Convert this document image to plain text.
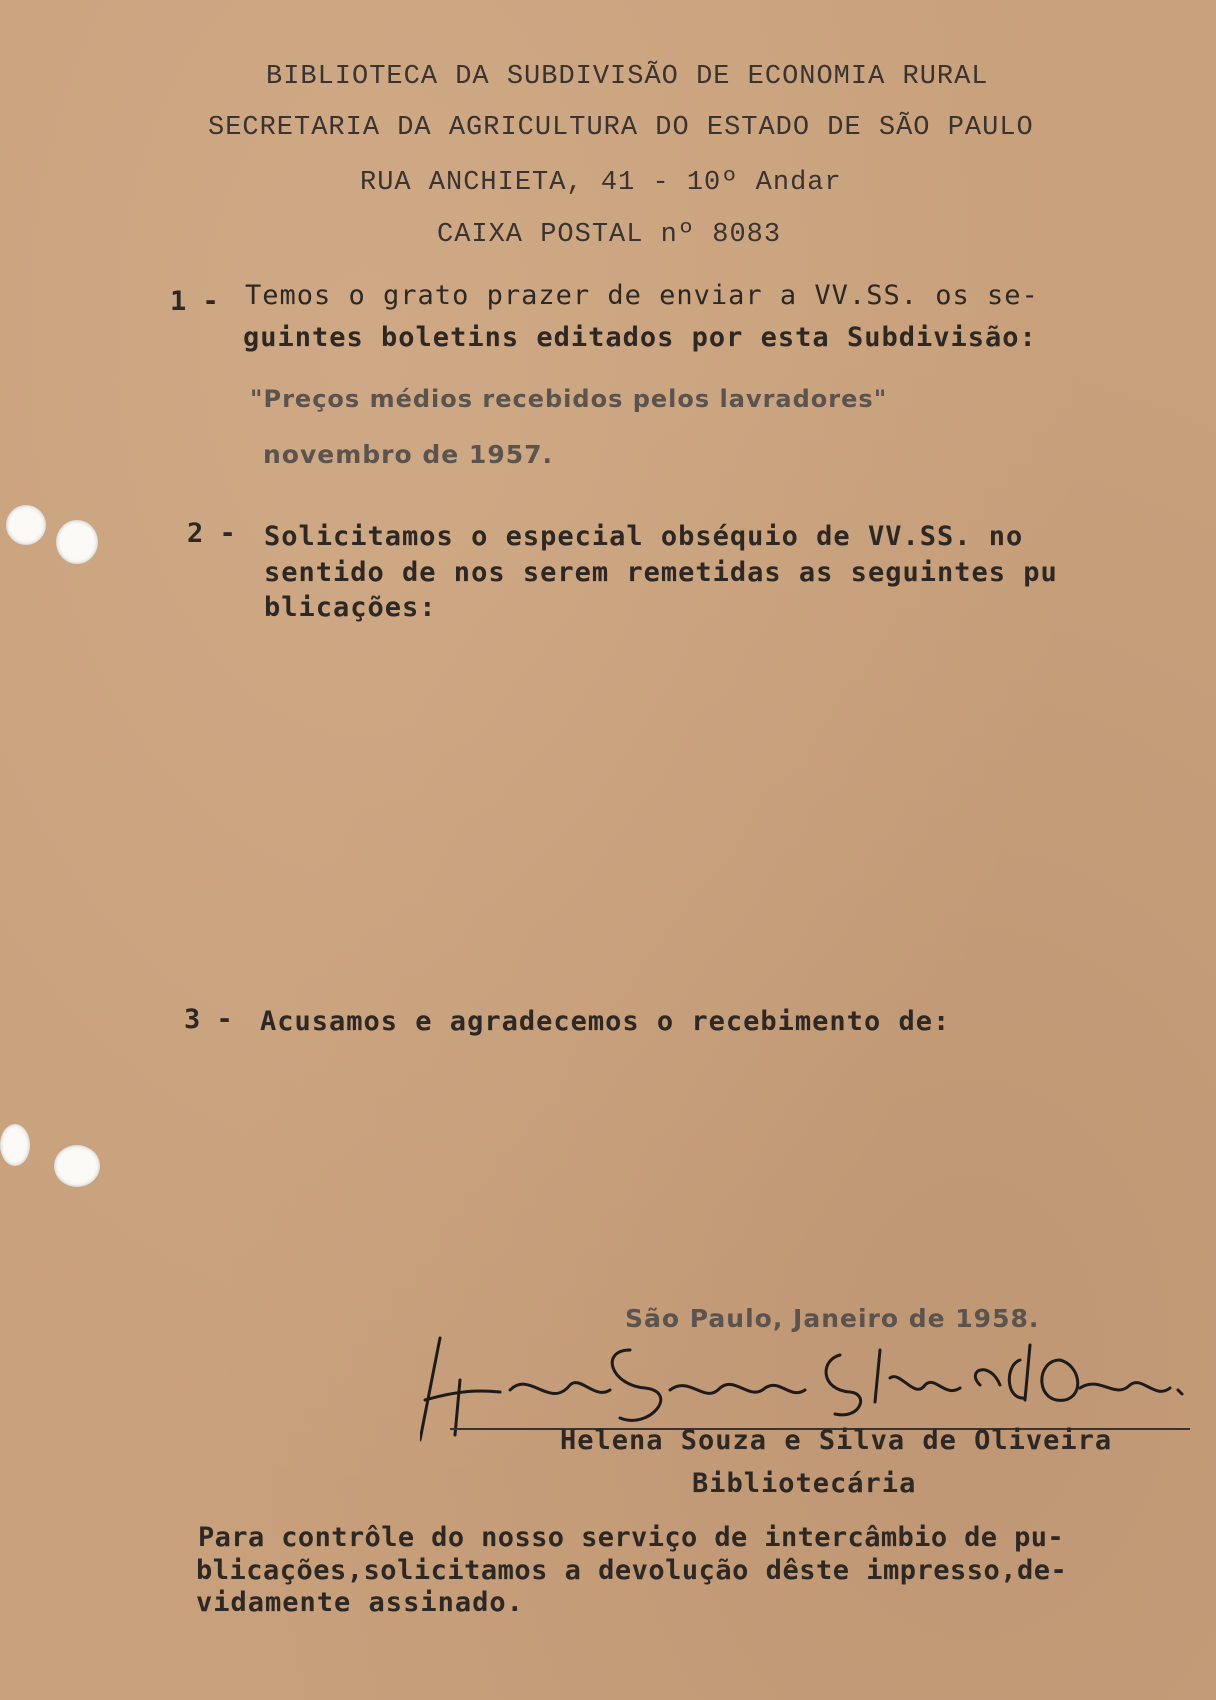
BIBLIOTECA DA SUBDIVISÃO DE ECONOMIA RURAL
SECRETARIA DA AGRICULTURA DO ESTADO DE SÃO PAULO
RUA ANCHIETA, 41 - 10º Andar
CAIXA POSTAL nº 8083
1 - Temos o grato prazer de enviar a VV.SS. os se-
guintes boletins editados por esta Subdivisão:
"Preços médios recebidos pelos lavradores"
novembro de 1957.
2 - Solicitamos o especial obséquio de VV.SS. no
sentido de nos serem remetidas as seguintes pu
blicações:
3 - Acusamos e agradecemos o recebimento de:
São Paulo, Janeiro de 1958.
Helena Souza e Silva de Oliveira
Bibliotecária
Para contrôle do nosso serviço de intercâmbio de pu-
blicações,solicitamos a devolução dêste impresso,de-
vidamente assinado.
